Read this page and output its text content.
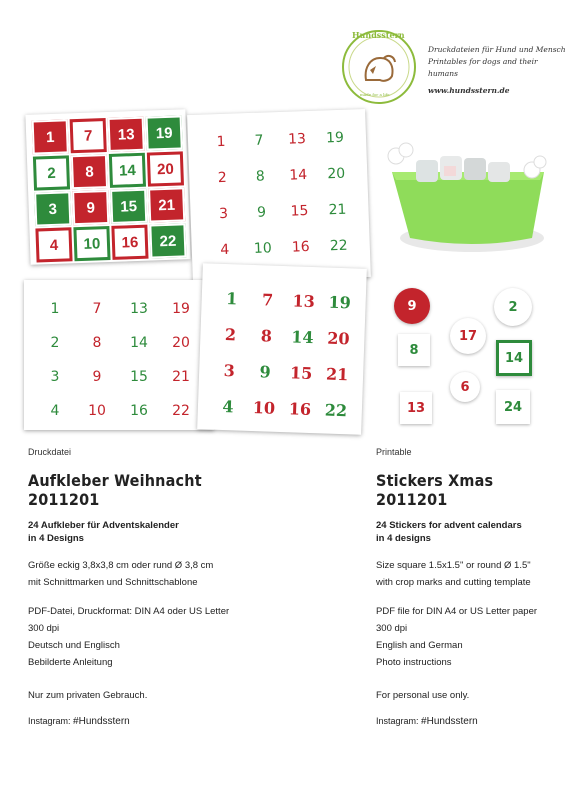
Hundsstern
made for a life
Druckdateien für Hund und Mensch
Printables for dogs and their humans
www.hundsstern.de
1	7	13	19
2	8	14	20
3	9	15	21
4	10	16	22
1	7	13	19
2	8	14	20
3	9	15	21
4	10	16	22
1	7	13	19
2	8	14	20
3	9	15	21
4	10	16	22
1	7	13 19
2	8	14 20
3	9	15 21
4	10 16 22
9	2
8
17
14
6
13	24
Druckdatei
Aufkleber Weihnacht 2011201
24 Aufkleber für Adventskalender
in 4 Designs
Größe eckig 3,8x3,8 cm oder rund Ø 3,8 cm
mit Schnittmarken und Schnittschablone
PDF-Datei, Druckformat: DIN A4 oder US Letter
300 dpi
Deutsch und Englisch
Bebilderte Anleitung
Nur zum privaten Gebrauch.
Instagram: #Hundsstern
Printable
Stickers Xmas 2011201
24 Stickers for advent calendars
in 4 designs
Size square 1.5x1.5" or round Ø 1.5"
with crop marks and cutting template
PDF file for DIN A4 or US Letter paper
300 dpi
English and German
Photo instructions
For personal use only.
Instagram: #Hundsstern
